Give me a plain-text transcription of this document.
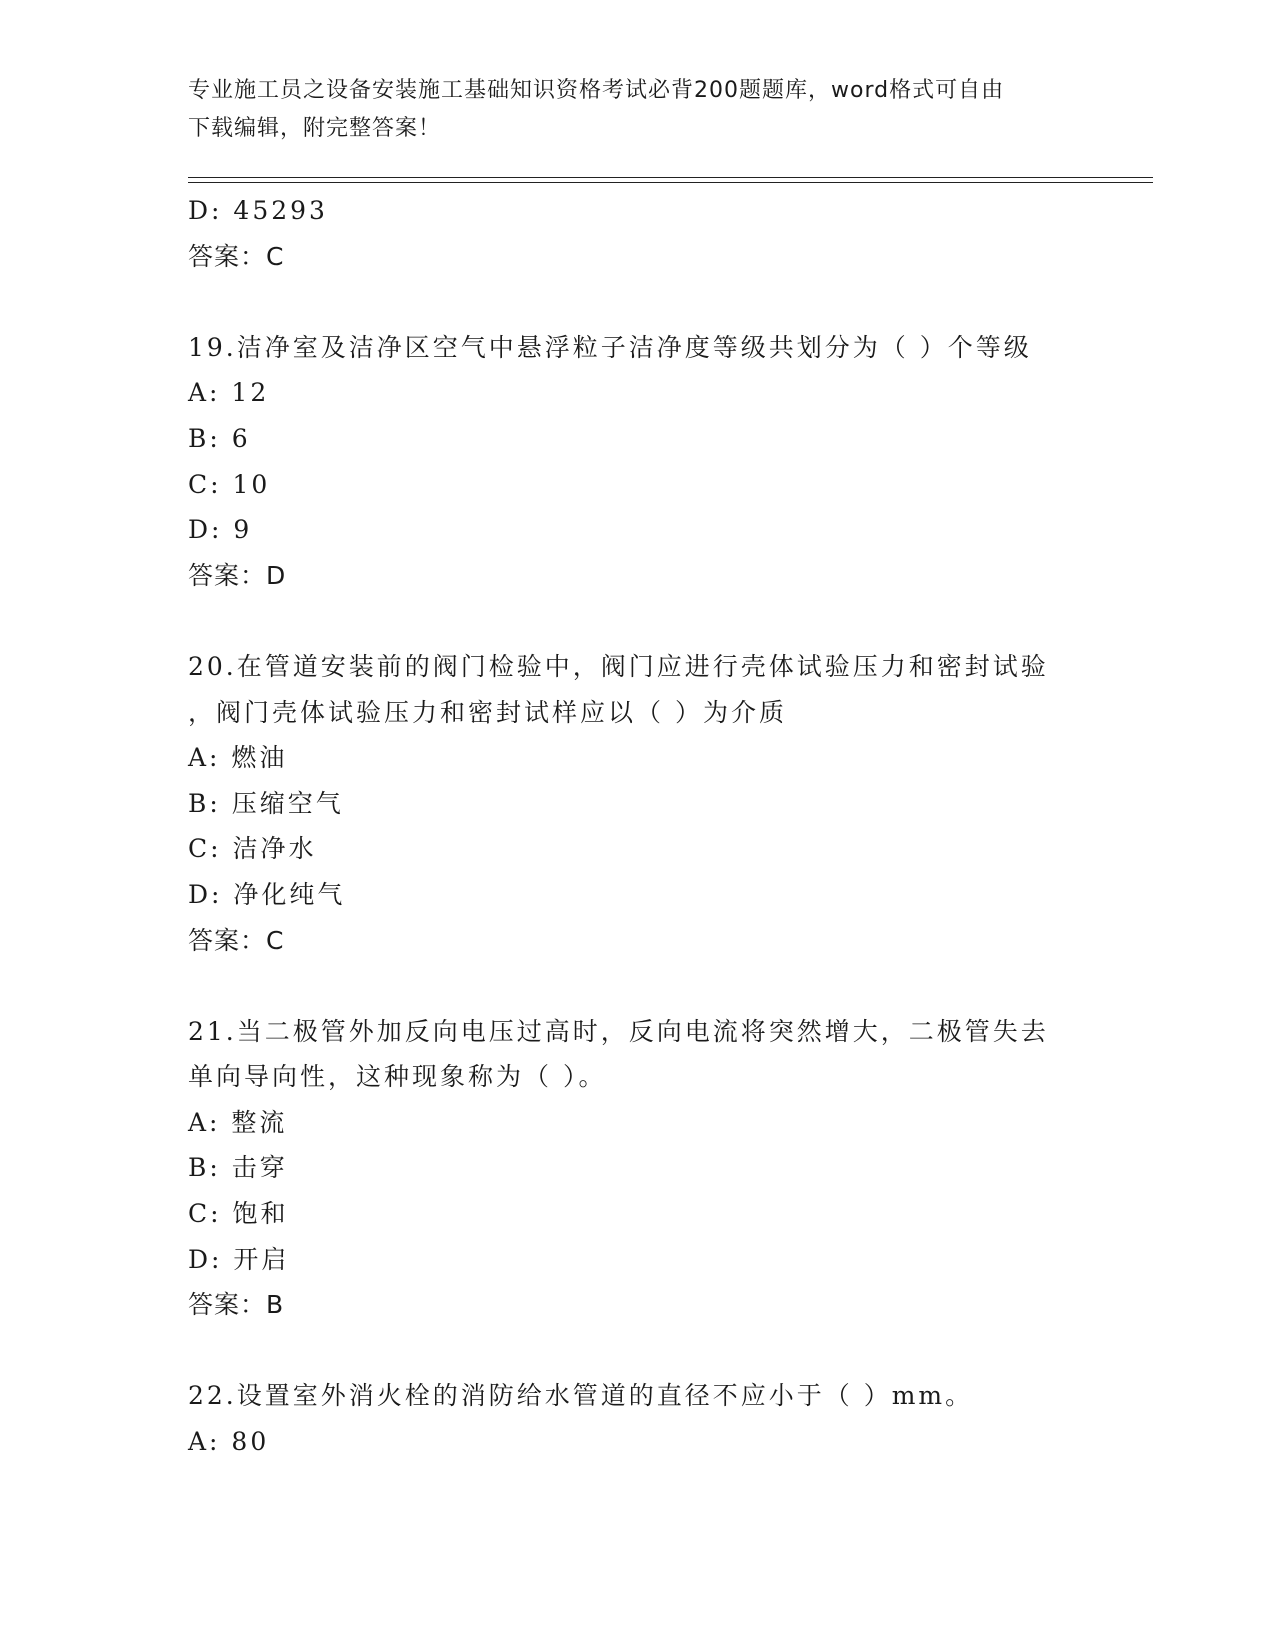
专业施工员之设备安装施工基础知识资格考试必背200题题库，word格式可自由
下载编辑，附完整答案！
D: 45293
答案：C
19.洁净室及洁净区空气中悬浮粒子洁净度等级共划分为（ ）个等级
A: 12
B: 6
C: 10
D: 9
答案：D
20.在管道安装前的阀门检验中，阀门应进行壳体试验压力和密封试验
，阀门壳体试验压力和密封试样应以（ ）为介质
A: 燃油
B: 压缩空气
C: 洁净水
D: 净化纯气
答案：C
21.当二极管外加反向电压过高时，反向电流将突然增大，二极管失去
单向导向性，这种现象称为（ ）。
A: 整流
B: 击穿
C: 饱和
D: 开启
答案：B
22.设置室外消火栓的消防给水管道的直径不应小于（ ）mm。
A: 80
